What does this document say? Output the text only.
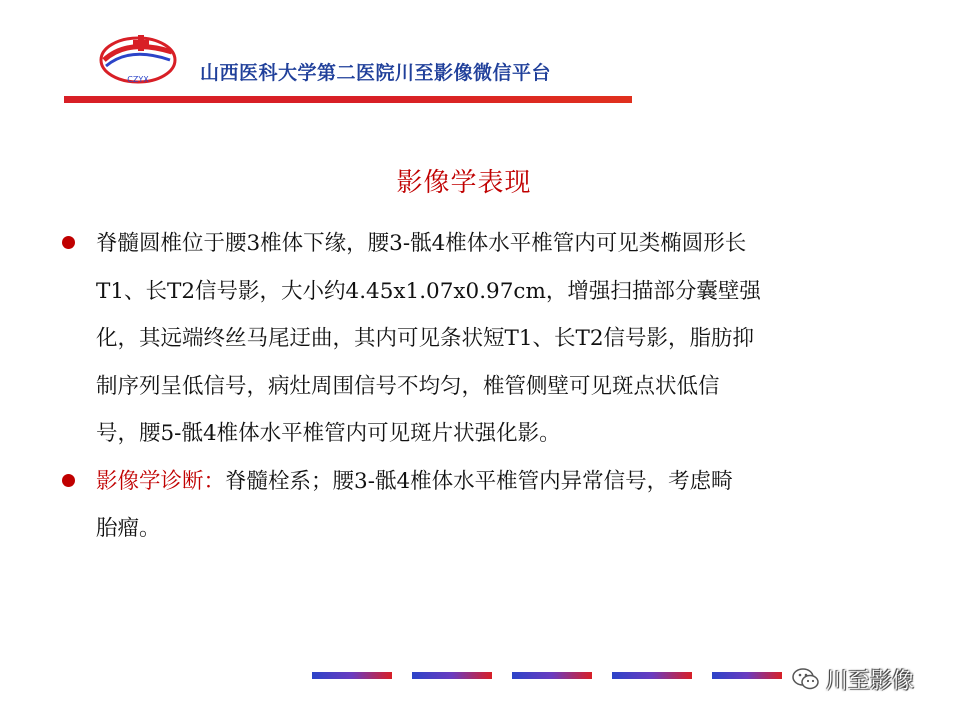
CZYX	山西医科大学第二医院川至影像微信平台
影像学表现
脊髓圆椎位于腰3椎体下缘，腰3-骶4椎体水平椎管内可见类椭圆形长
T1、长T2信号影，大小约4.45x1.07x0.97cm，增强扫描部分囊壁强
化，其远端终丝马尾迂曲，其内可见条状短T1、长T2信号影，脂肪抑
制序列呈低信号，病灶周围信号不均匀，椎管侧壁可见斑点状低信
号，腰5-骶4椎体水平椎管内可见斑片状强化影。
影像学诊断：脊髓栓系；腰3-骶4椎体水平椎管内异常信号，考虑畸
胎瘤。
川至影像
